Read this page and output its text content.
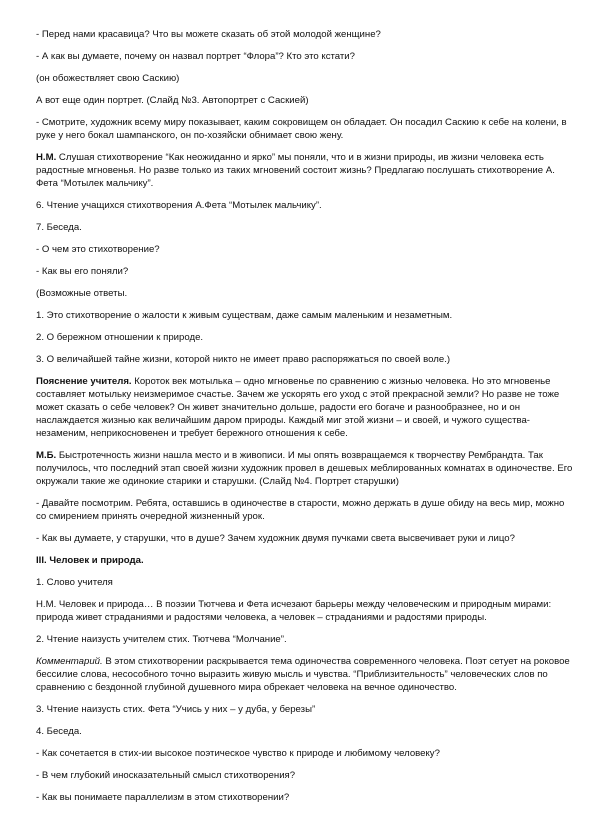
- Перед нами красавица? Что вы можете сказать об этой молодой женщине?

- А как вы думаете, почему он назвал портрет “Флора”? Кто это кстати?

(он обожествляет свою Саскию)

А вот еще один портрет. (Слайд №3. Автопортрет с Саскией)

- Смотрите, художник всему миру показывает, каким сокровищем он обладает. Он посадил Саскию к себе на колени, в руке у него бокал шампанского, он по-хозяйски обнимает свою жену.

Н.М. Слушая стихотворение “Как неожиданно и ярко” мы поняли, что и в жизни природы, ив жизни человека есть радостные мгновенья. Но разве только из таких мгновений состоит жизнь? Предлагаю послушать стихотворение А. Фета “Мотылек мальчику”.

6. Чтение учащихся стихотворения А.Фета “Мотылек мальчику”.

7. Беседа.

- О чем это стихотворение?

- Как вы его поняли?

(Возможные ответы.

1. Это стихотворение о жалости к живым существам, даже самым маленьким и незаметным.

2. О бережном отношении к природе.

3. О величайшей тайне жизни, которой никто не имеет право распоряжаться по своей воле.)

Пояснение учителя. Короток век мотылька – одно мгновенье по сравнению с жизнью человека. Но это мгновенье составляет мотыльку неизмеримое счастье. Зачем же ускорять его уход с этой прекрасной земли? Но разве не тоже может сказать о себе человек? Он живет значительно дольше, радости его богаче и разнообразнее, но и он наслаждается жизнью как величайшим даром природы. Каждый миг этой жизни – и своей, и чужого существа- незаменим, неприкосновенен и требует бережного отношения к себе.

М.Б. Быстротечность жизни нашла место и в живописи. И мы опять возвращаемся к творчеству Рембрандта. Так получилось, что последний этап своей жизни художник провел в дешевых меблированных комнатах в одиночестве. Его окружали такие же одинокие старики и старушки. (Слайд №4. Портрет старушки)

- Давайте посмотрим. Ребята, оставшись в одиночестве в старости, можно держать в душе обиду на весь мир, можно со смирением принять очередной жизненный урок.

- Как вы думаете, у старушки, что в душе? Зачем художник двумя пучками света высвечивает руки и лицо?

III. Человек и природа.

1. Слово учителя

Н.М. Человек и природа… В поэзии Тютчева и Фета исчезают барьеры между человеческим и природным мирами: природа живет страданиями и радостями человека, а человек – страданиями и радостями природы.

2. Чтение наизусть учителем стих. Тютчева “Молчание”.

Комментарий. В этом стихотворении раскрывается тема одиночества современного человека. Поэт сетует на роковое бессилие слова, несособного точно выразить живую мысль и чувства. “Приблизительность” человеческих слов по сравнению с бездонной глубиной душевного мира обрекает человека на вечное одиночество.

3. Чтение наизусть стих. Фета “Учись у них – у дуба, у березы”

4. Беседа.

- Как сочетается в стих-ии высокое поэтическое чувство к природе и любимому человеку?

- В чем глубокий иносказательный смысл стихотворения?

- Как вы понимаете параллелизм в этом стихотворении?
